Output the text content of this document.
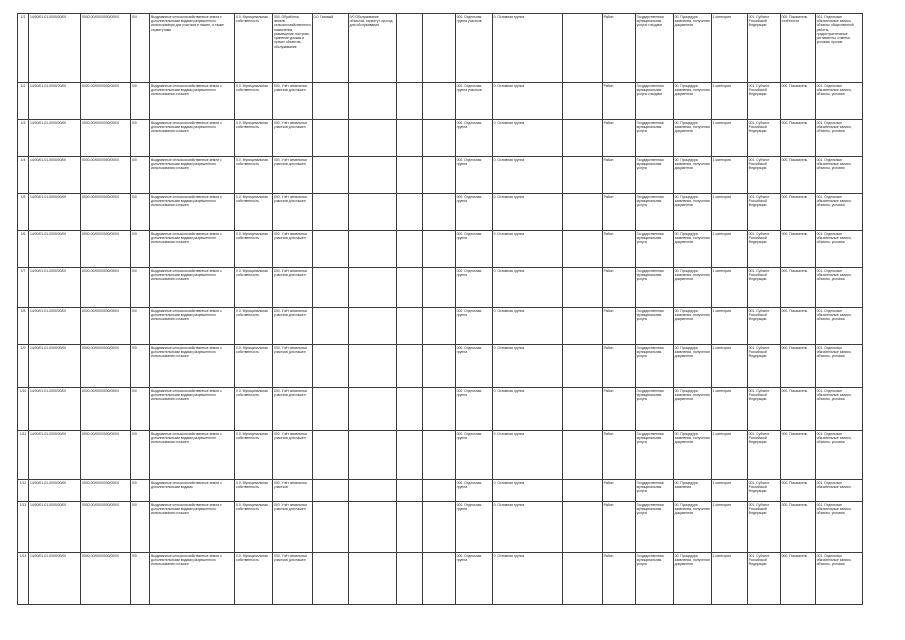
1/1	14/00/01-01-0000/00/00	0000-00/000/0000/000/0	0/4	Выдуманные сельскохозяйственные земли с дополнительными видами разрешенного использования для участков и пашен, а также сервитутами	0.0. Муниципальная собственность	000. Обработка земель сельскохозяйственного назначения, размещение построек, хранение урожая и прочих объектов, обслуживание	0.0. Газовый	0/0 Обслуживание объектов, сервитут, проход для обслуживания			000. Отдельная группа участков	0. Основная группа		Район	Государственная муниципальная услуга о выдаче	00. Процедура заявления, получения документов	1 категория	001. Субъект Российской Федерации	000. Показатель отчётности	001. Отдельные обязательные записи, объекты общественной работы, градостроительные регламенты, отметки, условия, прочие
1/2	14/00/01-01-0000/00/00	0000-00/000/0000/000/0	0/0	Выдуманные сельскохозяйственные земли с дополнительными видами разрешенного использования и пашен	0.0. Муниципальная собственность	000. Учёт земельных участков для пашен					000. Отдельная группа участков	0. Основная группа		Район	Государственная муниципальная услуга о выдаче	00. Процедура заявления, получения документов	1 категория	001. Субъект Российской Федерации	000. Показатель	001. Отдельные обязательные записи, объекты, условия
1/3	14/00/01-01-0000/00/00	0000-00/000/0000/000/0	0/0	Выдуманные сельскохозяйственные земли с дополнительными видами разрешенного использования и пашен	0.0. Муниципальная собственность	000. Учёт земельных участков для пашен					000. Отдельная группа	0. Основная группа		Район	Государственная муниципальная услуга	00. Процедура заявления, получения документов	1 категория	001. Субъект Российской Федерации	000. Показатель	001. Отдельные обязательные записи, объекты, условия
1/4	14/00/01-01-0000/00/00	0000-00/000/0000/000/0	0/0	Выдуманные сельскохозяйственные земли с дополнительными видами разрешенного использования и пашен	0.0. Муниципальная собственность	000. Учёт земельных участков для пашен					000. Отдельная группа	0. Основная группа		Район	Государственная муниципальная услуга	00. Процедура заявления, получения документов	1 категория	001. Субъект Российской Федерации	000. Показатель	001. Отдельные обязательные записи, объекты, условия
1/5	14/00/01-01-0000/00/00	0000-00/000/0000/000/0	0/0	Выдуманные сельскохозяйственные земли с дополнительными видами разрешенного использования и пашен	0.0. Муниципальная собственность	000. Учёт земельных участков для пашен					000. Отдельная группа	0. Основная группа		Район	Государственная муниципальная услуга	00. Процедура заявления, получения документов	1 категория	001. Субъект Российской Федерации	000. Показатель	001. Отдельные обязательные записи, объекты, условия
1/6	14/00/01-01-0000/00/00	0000-00/000/0000/000/0	0/0	Выдуманные сельскохозяйственные земли с дополнительными видами разрешенного использования и пашен	0.0. Муниципальная собственность	000. Учёт земельных участков для пашен					000. Отдельная группа	0. Основная группа		Район	Государственная муниципальная услуга	00. Процедура заявления, получения документов	1 категория	001. Субъект Российской Федерации	000. Показатель	001. Отдельные обязательные записи, объекты, условия
1/7	14/00/01-01-0000/00/00	0000-00/000/0000/000/0	0/0	Выдуманные сельскохозяйственные земли с дополнительными видами разрешенного использования и пашен	0.0. Муниципальная собственность	000. Учёт земельных участков для пашен					000. Отдельная группа	0. Основная группа		Район	Государственная муниципальная услуга	00. Процедура заявления, получения документов	1 категория	001. Субъект Российской Федерации	000. Показатель	001. Отдельные обязательные записи, объекты, условия
1/8	14/00/01-01-0000/00/00	0000-00/000/0000/000/0	0/0	Выдуманные сельскохозяйственные земли с дополнительными видами разрешенного использования и пашен	0.0. Муниципальная собственность	000. Учёт земельных участков для пашен					000. Отдельная группа	0. Основная группа		Район	Государственная муниципальная услуга	00. Процедура заявления, получения документов	1 категория	001. Субъект Российской Федерации	000. Показатель	001. Отдельные обязательные записи, объекты, условия
1/9	14/00/01-01-0000/00/00	0000-00/000/0000/000/0	0/0	Выдуманные сельскохозяйственные земли с дополнительными видами разрешенного использования и пашен	0.0. Муниципальная собственность	000. Учёт земельных участков для пашен					000. Отдельная группа	0. Основная группа		Район	Государственная муниципальная услуга	00. Процедура заявления, получения документов	1 категория	001. Субъект Российской Федерации	000. Показатель	001. Отдельные обязательные записи, объекты, условия
1/10	14/00/01-01-0000/00/00	0000-00/000/0000/000/0	0/0	Выдуманные сельскохозяйственные земли с дополнительными видами разрешенного использования и пашен	0.0. Муниципальная собственность	000. Учёт земельных участков для пашен					000. Отдельная группа	0. Основная группа		Район	Государственная муниципальная услуга	00. Процедура заявления, получения документов	1 категория	001. Субъект Российской Федерации	000. Показатель	001. Отдельные обязательные записи, объекты, условия
1/11	14/00/01-01-0000/00/00	0000-00/000/0000/000/0	0/0	Выдуманные сельскохозяйственные земли с дополнительными видами разрешенного использования и пашен	0.0. Муниципальная собственность	000. Учёт земельных участков для пашен					000. Отдельная группа	0. Основная группа		Район	Государственная муниципальная услуга	00. Процедура заявления, получения документов	1 категория	001. Субъект Российской Федерации	000. Показатель	001. Отдельные обязательные записи, объекты, условия
1/12	14/00/01-01-0000/00/00	0000-00/000/0000/000/0	0/0	Выдуманные сельскохозяйственные земли с дополнительными видами	0.0. Муниципальная собственность	000. Учёт земельных участков					000. Отдельная группа	0. Основная группа		Район	Государственная муниципальная услуга	00. Процедура заявления	1 категория	001. Субъект Российской Федерации	000. Показатель	001. Отдельные обязательные записи
1/13	14/00/01-01-0000/00/00	0000-00/000/0000/000/0	0/0	Выдуманные сельскохозяйственные земли с дополнительными видами разрешенного использования и пашен	0.0. Муниципальная собственность	000. Учёт земельных участков для пашен					000. Отдельная группа	0. Основная группа		Район	Государственная муниципальная услуга	00. Процедура заявления, получения документов	1 категория	001. Субъект Российской Федерации	000. Показатель	001. Отдельные обязательные записи, объекты, условия
1/14	14/00/01-01-0000/00/00	0000-00/000/0000/000/0	0/0	Выдуманные сельскохозяйственные земли с дополнительными видами разрешенного использования и пашен	0.0. Муниципальная собственность	000. Учёт земельных участков для пашен					000. Отдельная группа	0. Основная группа		Район	Государственная муниципальная услуга	00. Процедура заявления, получения документов	1 категория	001. Субъект Российской Федерации	000. Показатель	001. Отдельные обязательные записи, объекты, условия
